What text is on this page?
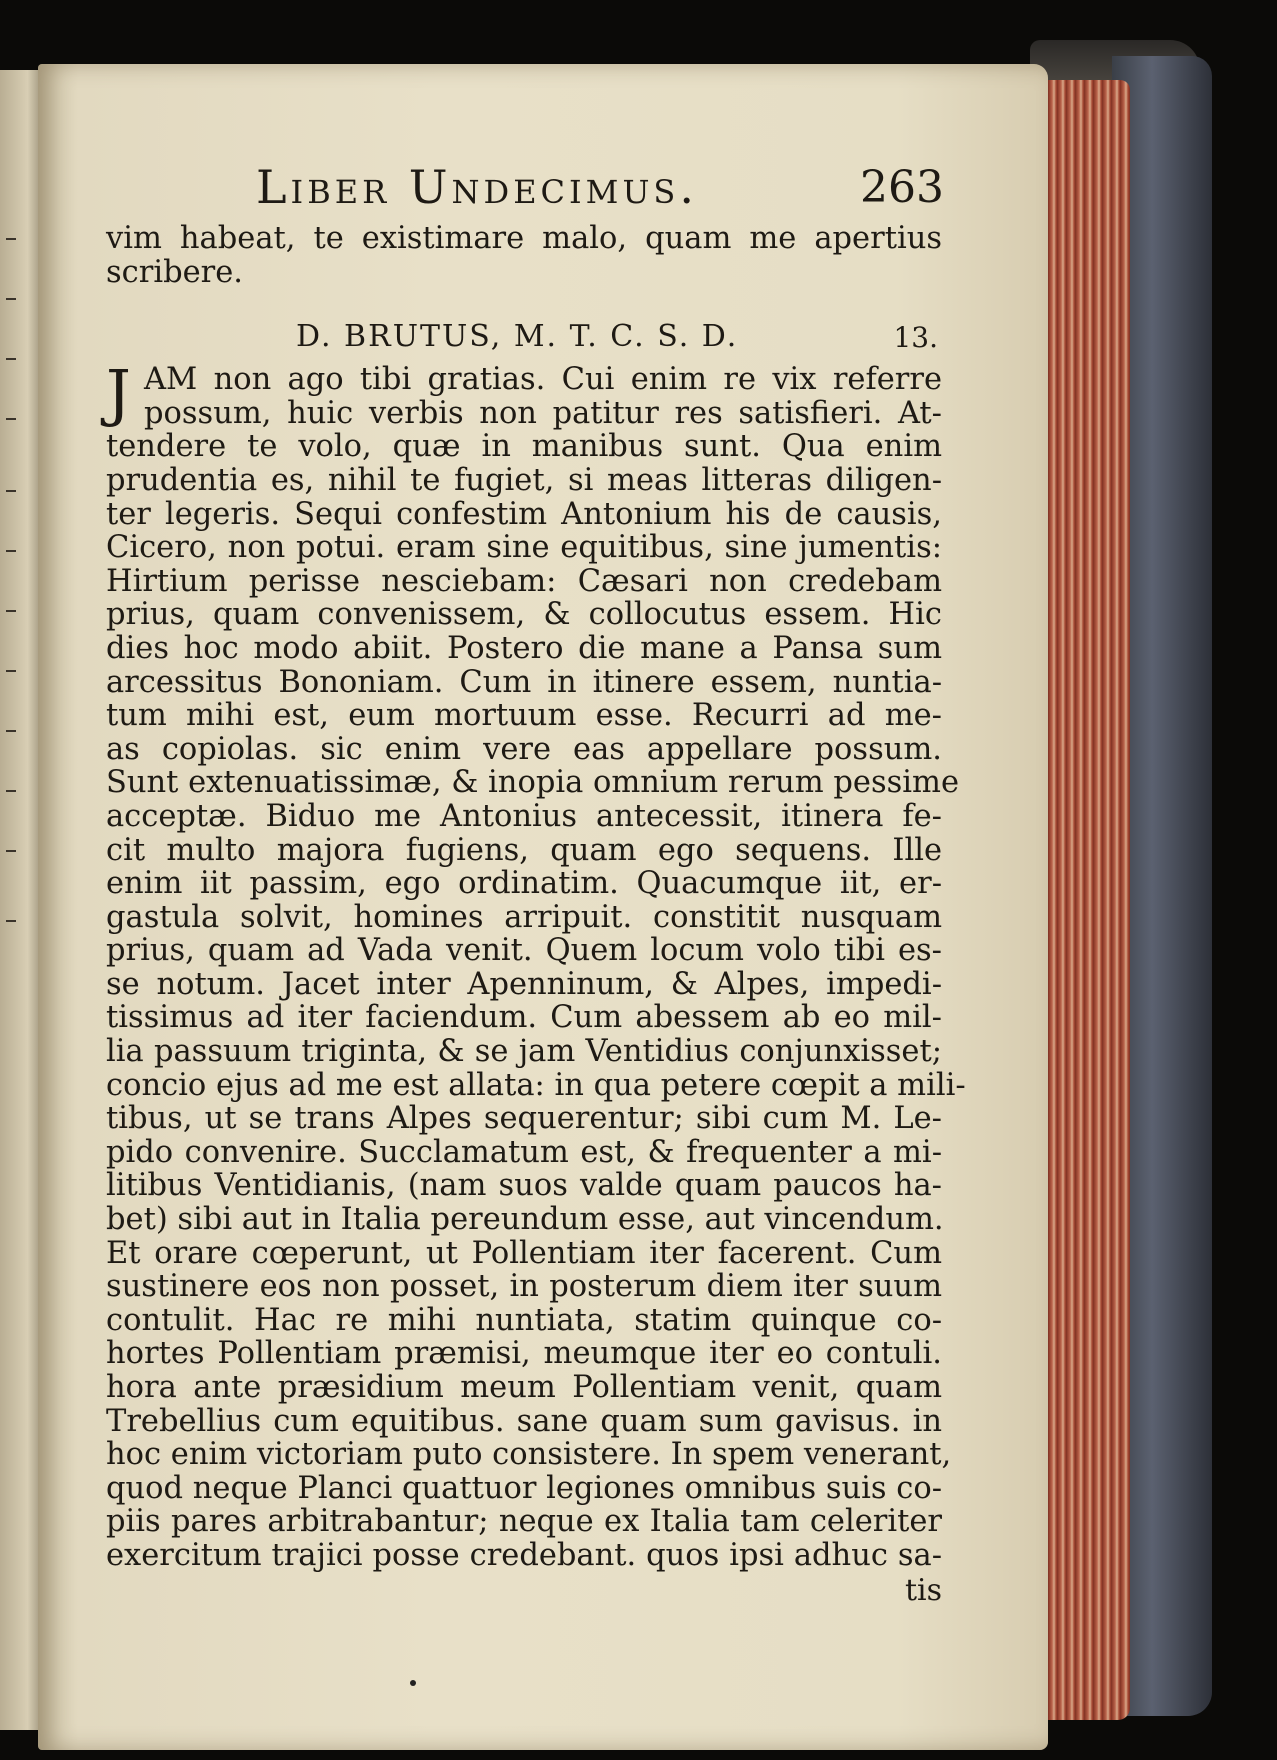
Liber Undecimus.	263
vim habeat, te existimare malo, quam me apertius
scribere.
D. BRUTUS, M. T. C. S. D.	13.
J AM non ago tibi gratias. Cui enim re vix referre
possum, huic verbis non patitur res satisfieri. At-
tendere te volo, quæ in manibus sunt. Qua enim
prudentia es, nihil te fugiet, si meas litteras diligen-
ter legeris. Sequi confestim Antonium his de causis,
Cicero, non potui. eram sine equitibus, sine jumentis:
Hirtium perisse nesciebam: Cæsari non credebam
prius, quam convenissem, & collocutus essem. Hic
dies hoc modo abiit. Postero die mane a Pansa sum
arcessitus Bononiam. Cum in itinere essem, nuntia-
tum mihi est, eum mortuum esse. Recurri ad me-
as copiolas. sic enim vere eas appellare possum.
Sunt extenuatissimæ, & inopia omnium rerum pessime
acceptæ. Biduo me Antonius antecessit, itinera fe-
cit multo majora fugiens, quam ego sequens. Ille
enim iit passim, ego ordinatim. Quacumque iit, er-
gastula solvit, homines arripuit. constitit nusquam
prius, quam ad Vada venit. Quem locum volo tibi es-
se notum. Jacet inter Apenninum, & Alpes, impedi-
tissimus ad iter faciendum. Cum abessem ab eo mil-
lia passuum triginta, & se jam Ventidius conjunxisset;
concio ejus ad me est allata: in qua petere cœpit a mili-
tibus, ut se trans Alpes sequerentur; sibi cum M. Le-
pido convenire. Succlamatum est, & frequenter a mi-
litibus Ventidianis, (nam suos valde quam paucos ha-
bet) sibi aut in Italia pereundum esse, aut vincendum.
Et orare cœperunt, ut Pollentiam iter facerent. Cum
sustinere eos non posset, in posterum diem iter suum
contulit. Hac re mihi nuntiata, statim quinque co-
hortes Pollentiam præmisi, meumque iter eo contuli.
hora ante præsidium meum Pollentiam venit, quam
Trebellius cum equitibus. sane quam sum gavisus. in
hoc enim victoriam puto consistere. In spem venerant,
quod neque Planci quattuor legiones omnibus suis co-
piis pares arbitrabantur; neque ex Italia tam celeriter
exercitum trajici posse credebant. quos ipsi adhuc sa-
tis
